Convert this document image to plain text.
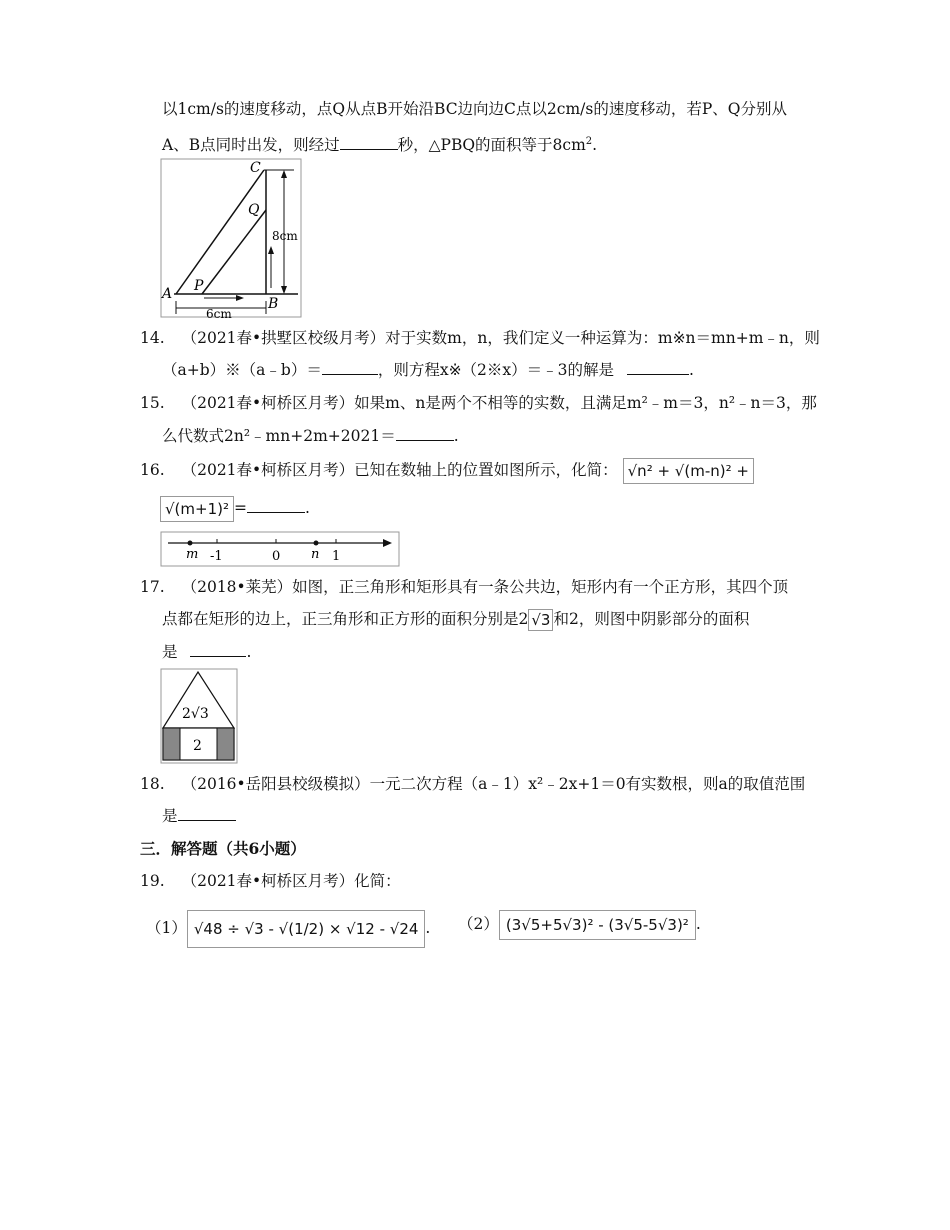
以1cm/s的速度移动，点Q从点B开始沿BC边向边C点以2cm/s的速度移动，若P、Q分别从
A、B点同时出发，则经过	秒，△PBQ的面积等于$8cm^2$.
C
Q
P
A
B
8cm
6cm
14. （2021春•拱墅区校级月考）对于实数m，n，我们定义一种运算为：m※n＝mn+m﹣n，则
（a+b）※（a﹣b）＝	，则方程x※（2※x）＝﹣3的解是	.
15. （2021春•柯桥区月考）如果m、n是两个不相等的实数，且满足m²﹣m＝3，n²﹣n＝3，那
么代数式2n²﹣mn+2m+2021＝	.
16. （2021春•柯桥区月考）已知在数轴上的位置如图所示，化简： √n² + √(m-n)² +
√(m+1)² =	.
m -1	0 n 1
17. （2018•莱芜）如图，正三角形和矩形具有一条公共边，矩形内有一个正方形，其四个顶
点都在矩形的边上，正三角形和正方形的面积分别是2 √3 和2，则图中阴影部分的面积
是	.
2√3
2
18. （2016•岳阳县校级模拟）一元二次方程（a﹣1）x²﹣2x+1＝0有实数根，则a的取值范围
是
三．解答题（共6小题）
19. （2021春•柯桥区月考）化简：
（1） √48 ÷ √3 - √(1/2) × √12 - √24 . （2） (3√5+5√3)² - (3√5-5√3)² .
